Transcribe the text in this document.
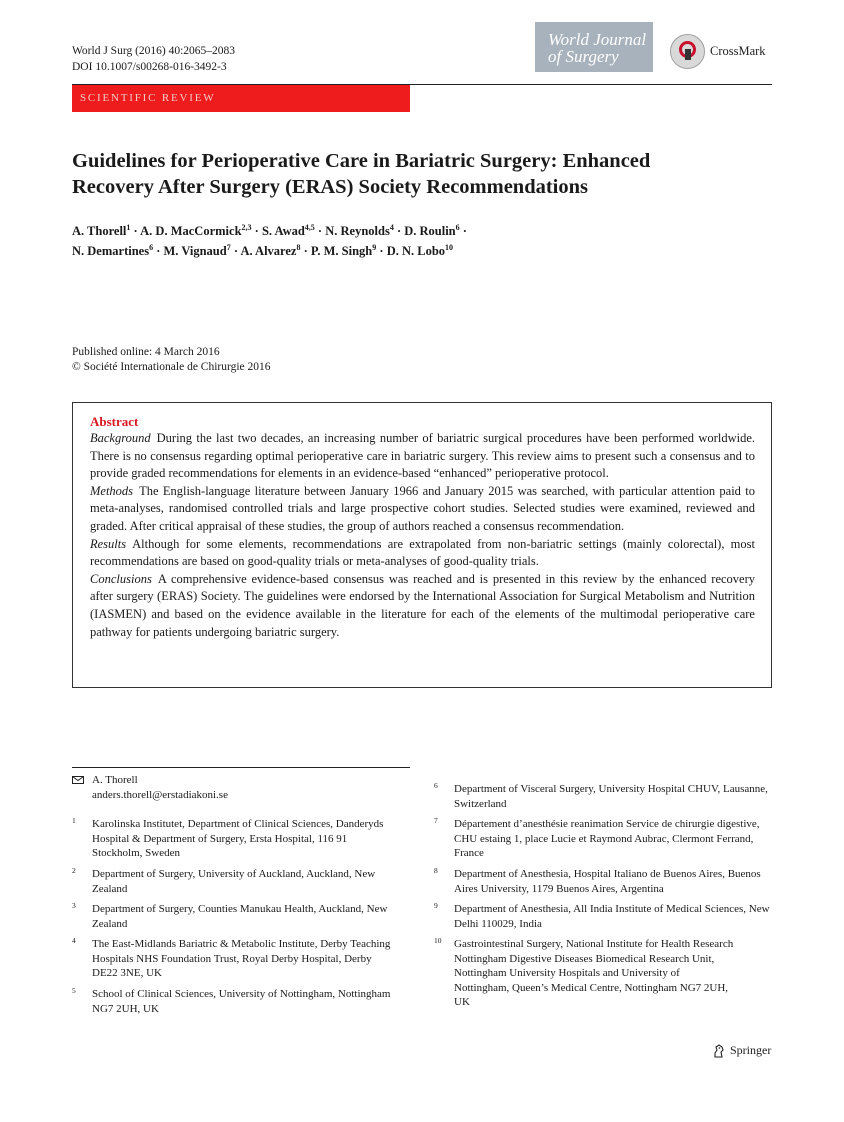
World J Surg (2016) 40:2065–2083
DOI 10.1007/s00268-016-3492-3
World Journal
of Surgery	CrossMark
SCIENTIFIC REVIEW
Guidelines for Perioperative Care in Bariatric Surgery: Enhanced
Recovery After Surgery (ERAS) Society Recommendations
A. Thorell$^1$ · A. D. MacCormick$^{2,3}$ · S. Awad$^{4,5}$ · N. Reynolds$^4$ · D. Roulin$^6$ ·
N. Demartines$^6$ · M. Vignaud$^7$ · A. Alvarez$^8$ · P. M. Singh$^9$ · D. N. Lobo$^{10}$
Published online: 4 March 2016
© Société Internationale de Chirurgie 2016
Abstract

Background During the last two decades, an increasing number of bariatric surgical procedures have been performed worldwide. There is no consensus regarding optimal perioperative care in bariatric surgery. This review aims to present such a consensus and to provide graded recommendations for elements in an evidence-based “enhanced” perioperative protocol.

Methods The English-language literature between January 1966 and January 2015 was searched, with particular attention paid to meta-analyses, randomised controlled trials and large prospective cohort studies. Selected studies were examined, reviewed and graded. After critical appraisal of these studies, the group of authors reached a consensus recommendation.

Results Although for some elements, recommendations are extrapolated from non-bariatric settings (mainly colorectal), most recommendations are based on good-quality trials or meta-analyses of good-quality trials.

Conclusions A comprehensive evidence-based consensus was reached and is presented in this review by the enhanced recovery after surgery (ERAS) Society. The guidelines were endorsed by the International Association for Surgical Metabolism and Nutrition (IASMEN) and based on the evidence available in the literature for each of the elements of the multimodal perioperative care pathway for patients undergoing bariatric surgery.

A. Thorell
anders.thorell@erstadiakoni.se
1 Karolinska Institutet, Department of Clinical Sciences, Danderyds Hospital & Department of Surgery, Ersta Hospital, 116 91 Stockholm, Sweden
2 Department of Surgery, University of Auckland, Auckland, New Zealand
3 Department of Surgery, Counties Manukau Health, Auckland, New Zealand
4 The East-Midlands Bariatric & Metabolic Institute, Derby Teaching Hospitals NHS Foundation Trust, Royal Derby Hospital, Derby DE22 3NE, UK
5 School of Clinical Sciences, University of Nottingham, Nottingham NG7 2UH, UK
6 Department of Visceral Surgery, University Hospital CHUV, Lausanne, Switzerland
7 Département d’anesthésie reanimation Service de chirurgie digestive, CHU estaing 1, place Lucie et Raymond Aubrac, Clermont Ferrand, France
8 Department of Anesthesia, Hospital Italiano de Buenos Aires, Buenos Aires University, 1179 Buenos Aires, Argentina
9 Department of Anesthesia, All India Institute of Medical Sciences, New Delhi 110029, India
10 Gastrointestinal Surgery, National Institute for Health Research Nottingham Digestive Diseases Biomedical Research Unit, Nottingham University Hospitals and University of Nottingham, Queen’s Medical Centre, Nottingham NG7 2UH, UK
Springer
